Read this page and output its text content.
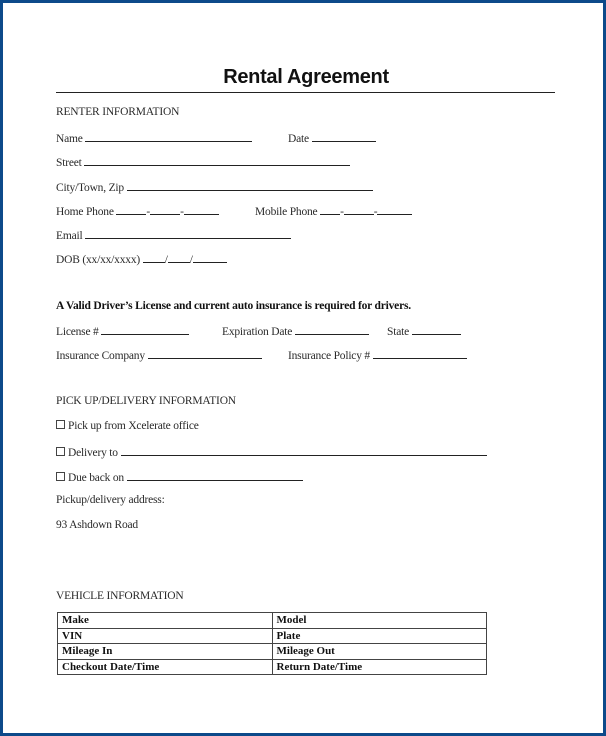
Rental Agreement
RENTER INFORMATION
Name	Date
Street
City/Town, Zip
Home Phone	-	-	Mobile Phone -	-
Email
DOB (xx/xx/xxxx) / /
A Valid Driver’s License and current auto insurance is required for drivers.
License #	Expiration Date	State
Insurance Company	Insurance Policy #
PICK UP/DELIVERY INFORMATION
Pick up from Xcelerate office
Delivery to
Due back on
Pickup/delivery address:
93 Ashdown Road
VEHICLE INFORMATION
Make	Model
VIN	Plate
Mileage In	Mileage Out
Checkout Date/Time	Return Date/Time
